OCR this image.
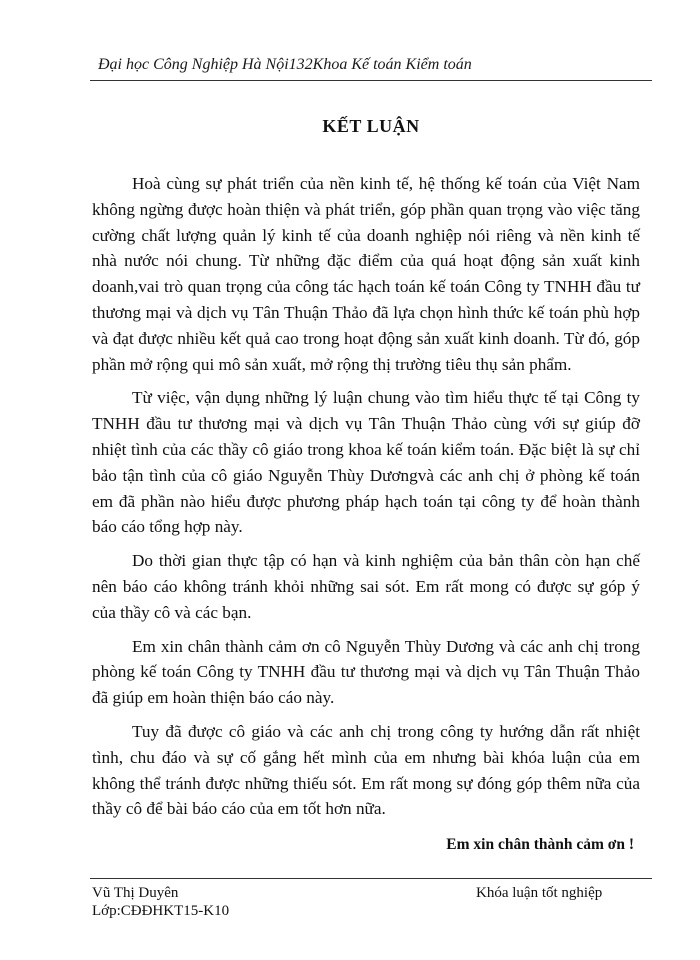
Đại học Công Nghiệp Hà Nội132Khoa Kế toán Kiểm toán
KẾT LUẬN

Hoà cùng sự phát triển của nền kinh tế, hệ thống kế toán của Việt Nam không ngừng được hoàn thiện và phát triển, góp phần quan trọng vào việc tăng cường chất lượng quản lý kinh tế của doanh nghiệp nói riêng và nền kinh tế nhà nước nói chung. Từ những đặc điểm của quá hoạt động sản xuất kinh doanh,vai trò quan trọng của công tác hạch toán kế toán Công ty TNHH đầu tư thương mại và dịch vụ Tân Thuận Thảo đã lựa chọn hình thức kế toán phù hợp và đạt được nhiều kết quả cao trong hoạt động sản xuất kinh doanh. Từ đó, góp phần mở rộng qui mô sản xuất, mở rộng thị trường tiêu thụ sản phẩm.

Từ việc, vận dụng những lý luận chung vào tìm hiểu thực tế tại Công ty TNHH đầu tư thương mại và dịch vụ Tân Thuận Thảo cùng với sự giúp đỡ nhiệt tình của các thầy cô giáo trong khoa kế toán kiểm toán. Đặc biệt là sự chỉ bảo tận tình của cô giáo Nguyễn Thùy Dươngvà các anh chị ở phòng kế toán em đã phần nào hiểu được phương pháp hạch toán tại công ty để hoàn thành báo cáo tổng hợp này.

Do thời gian thực tập có hạn và kinh nghiệm của bản thân còn hạn chế nên báo cáo không tránh khỏi những sai sót. Em rất mong có được sự góp ý của thầy cô và các bạn.

Em xin chân thành cảm ơn cô Nguyễn Thùy Dương và các anh chị trong phòng kế toán Công ty TNHH đầu tư thương mại và dịch vụ Tân Thuận Thảo đã giúp em hoàn thiện báo cáo này.

Tuy đã được cô giáo và các anh chị trong công ty hướng dẫn rất nhiệt tình, chu đáo và sự cố gắng hết mình của em nhưng bài khóa luận của em không thể tránh được những thiếu sót. Em rất mong sự đóng góp thêm nữa của thầy cô để bài báo cáo của em tốt hơn nữa.

Em xin chân thành cảm ơn !
Vũ Thị Duyên
Lớp:CĐĐHKT15-K10
Khóa luận tốt nghiệp
